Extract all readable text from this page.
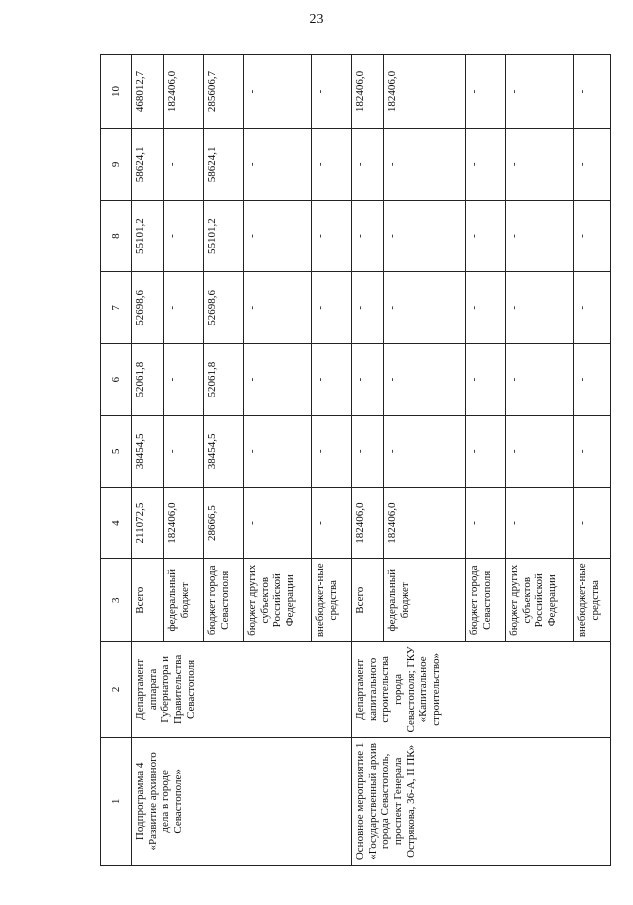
23
1	2	3	4	5	6	7	8	9	10
Подпрограмма 4 «Развитие архивного дела в городе Севастополе»	Департамент аппарата Губернатора и Правительства Севастополя	Всего	211072,5	38454,5	52061,8	52698,6	55101,2	58624,1	468012,7
		федеральный бюджет	182406,0	-	-	-	-	-	182406,0
		бюджет города Севастополя	28666,5	38454,5	52061,8	52698,6	55101,2	58624,1	285606,7
		бюджет других субъектов Российской Федерации	-	-	-	-	-	-	-
		внебюджет-ные средства	-	-	-	-	-	-	-
Основное мероприятие 1 «Государственный архив города Севастополь, проспект Генерала Острякова, 36-А, II ПК»	Департамент капитального строительства города Севастополя; ГКУ «Капитальное строительство»	Всего	182406,0	-	-	-	-	-	182406,0
		федеральный бюджет	182406,0	-	-	-	-	-	182406,0
		бюджет города Севастополя	-	-	-	-	-	-	-
		бюджет других субъектов Российской Федерации	-	-	-	-	-	-	-
		внебюджет-ные средства	-	-	-	-	-	-	-
